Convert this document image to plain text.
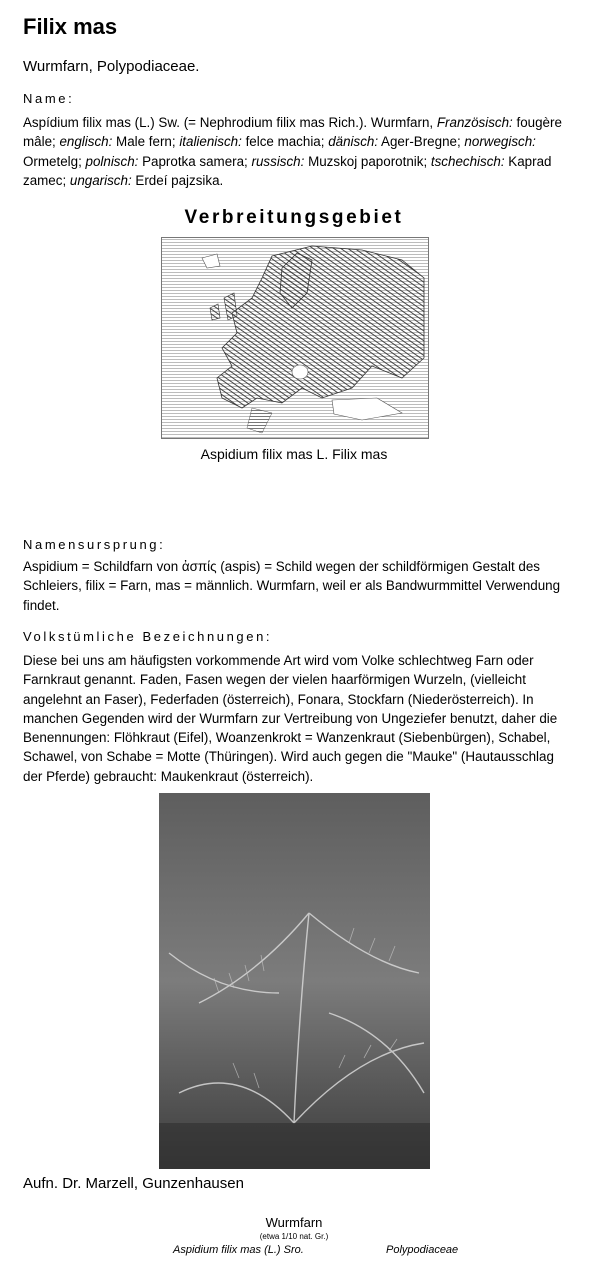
Filix mas
Wurmfarn, Polypodiaceae.
Name:
Aspídium filix mas (L.) Sw. (= Nephrodium filix mas Rich.). Wurmfarn, Französisch: fougère mâle; englisch: Male fern; italienisch: felce machia; dänisch: Ager-Bregne; norwegisch: Ormetelg; polnisch: Paprotka samera; russisch: Muzskoj paporotnik; tschechisch: Kaprad zamec; ungarisch: Erdeí pajzsika.
Verbreitungsgebiet
Aspidium filix mas L. Filix mas
Namensursprung:
Aspidium = Schildfarn von ἀσπίς (aspis) = Schild wegen der schildförmigen Gestalt des Schleiers, filix = Farn, mas = männlich. Wurmfarn, weil er als Bandwurmmittel Verwendung findet.
Volkstümliche Bezeichnungen:
Diese bei uns am häufigsten vorkommende Art wird vom Volke schlechtweg Farn oder Farnkraut genannt. Faden, Fasen wegen der vielen haarförmigen Wurzeln, (vielleicht angelehnt an Faser), Federfaden (österreich), Fonara, Stockfarn (Niederösterreich). In manchen Gegenden wird der Wurmfarn zur Vertreibung von Ungeziefer benutzt, daher die Benennungen: Flöhkraut (Eifel), Woanzenkrokt = Wanzenkraut (Siebenbürgen), Schabel, Schawel, von Schabe = Motte (Thüringen). Wird auch gegen die "Mauke" (Hautausschlag der Pferde) gebraucht: Maukenkraut (österreich).
Aufn. Dr. Marzell, Gunzenhausen
Wurmfarn
(etwa 1/10 nat. Gr.)
Aspidium filix mas (L.) Sro.	Polypodiaceae
